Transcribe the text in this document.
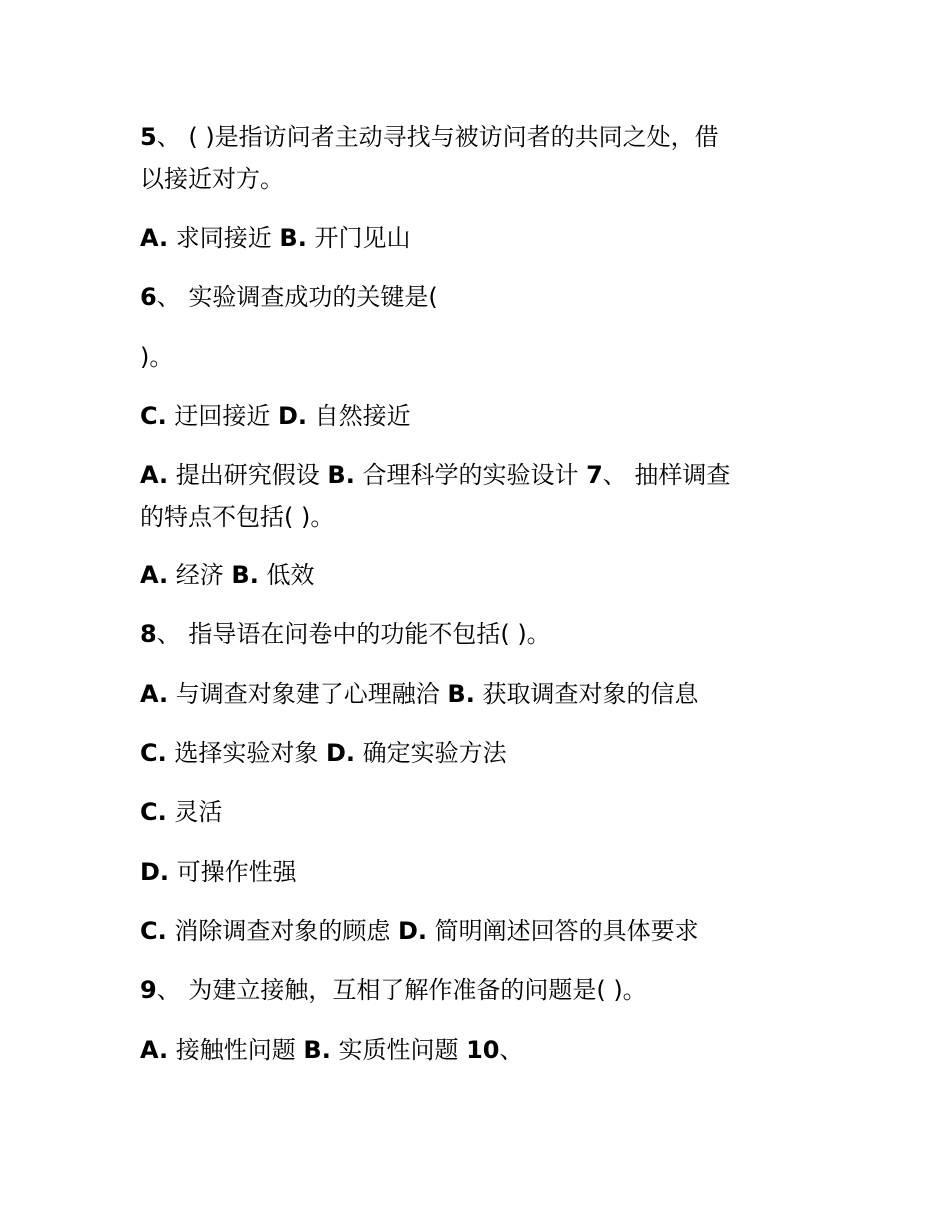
5、 ( )是指访问者主动寻找与被访问者的共同之处，借
以接近对方。
A. 求同接近 B. 开门见山
6、 实验调查成功的关键是(
)。
C. 迂回接近 D. 自然接近
A. 提出研究假设 B. 合理科学的实验设计 7、 抽样调查
的特点不包括( )。
A. 经济 B. 低效
8、 指导语在问卷中的功能不包括( )。
A. 与调查对象建了心理融洽 B. 获取调查对象的信息
C. 选择实验对象 D. 确定实验方法
C. 灵活
D. 可操作性强
C. 消除调查对象的顾虑 D. 简明阐述回答的具体要求
9、 为建立接触，互相了解作准备的问题是( )。
A. 接触性问题 B. 实质性问题 10、
